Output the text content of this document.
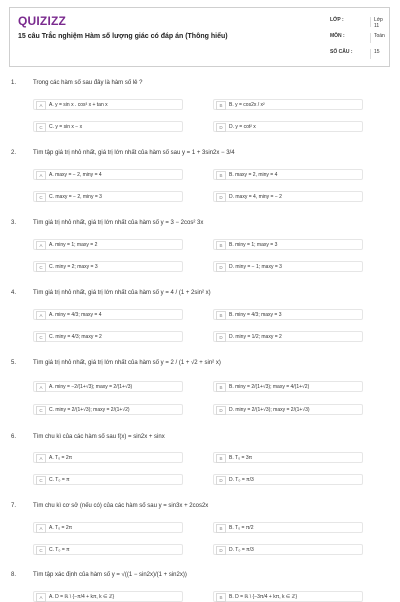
QUIZIZZ
15 câu Trắc nghiệm Hàm số lượng giác có đáp án (Thông hiểu)
LỚP :	Lớp 11
MÔN :	Toán
SỐ CÂU :	15
1.	Trong các hàm số sau đây là hàm số lẻ ?
A	A. y = sin x . cos³ x + tan x	B	B. y = cos2x / x²
C	C. y = sin x − x	D	D. y = cot² x
2.	Tìm tập giá trị nhỏ nhất, giá trị lớn nhất của hàm số sau y = 1 + 3sin2x − 3/4
A	A. maxy = − 2, miny = 4	B	B. maxy = 2, miny = 4
C	C. maxy = − 2, miny = 3	D	D. maxy = 4, miny = − 2
3.	Tìm giá trị nhỏ nhất, giá trị lớn nhất của hàm số y = 3 − 2cos² 3x
A	A. miny = 1; maxy = 2	B	B. miny = 1; maxy = 3
C	C. miny = 2; maxy = 3	D	D. miny = − 1; maxy = 3
4.	Tìm giá trị nhỏ nhất, giá trị lớn nhất của hàm số y = 4 / (1 + 2sin² x)
A	A. miny = 4/3; maxy = 4	B	B. miny = 4/3; maxy = 3
C	C. miny = 4/3; maxy = 2	D	D. miny = 1/2; maxy = 2
5.	Tìm giá trị nhỏ nhất, giá trị lớn nhất của hàm số y = 2 / (1 + √2 + sin² x)
A	A. miny = −2/(1+√3); maxy = 2/(1+√3)	B	B. miny = 2/(1+√3); maxy = 4/(1+√2)
C	C. miny = 2/(1+√3); maxy = 2/(1+√2)	D	D. miny = 2/(1+√3); maxy = 2/(1+√3)
6.	Tìm chu kì của các hàm số sau f(x) = sin2x + sinx
A	A. T₀ = 2π	B	B. T₀ = 3π
C	C. T₀ = π	D	D. T₀ = π/3
7.	Tìm chu kì cơ sở (nếu có) của các hàm số sau y = sin3x + 2cos2x
A	A. T₀ = 2π	B	B. T₀ = π/2
C	C. T₀ = π	D	D. T₀ = π/3
8.	Tìm tập xác định của hàm số y = √((1 − sin2x)/(1 + sin2x))
A	A. D = ℝ \ {−π/4 + kπ, k ∈ ℤ}	B	B. D = ℝ \ {−3π/4 + kπ, k ∈ ℤ}
